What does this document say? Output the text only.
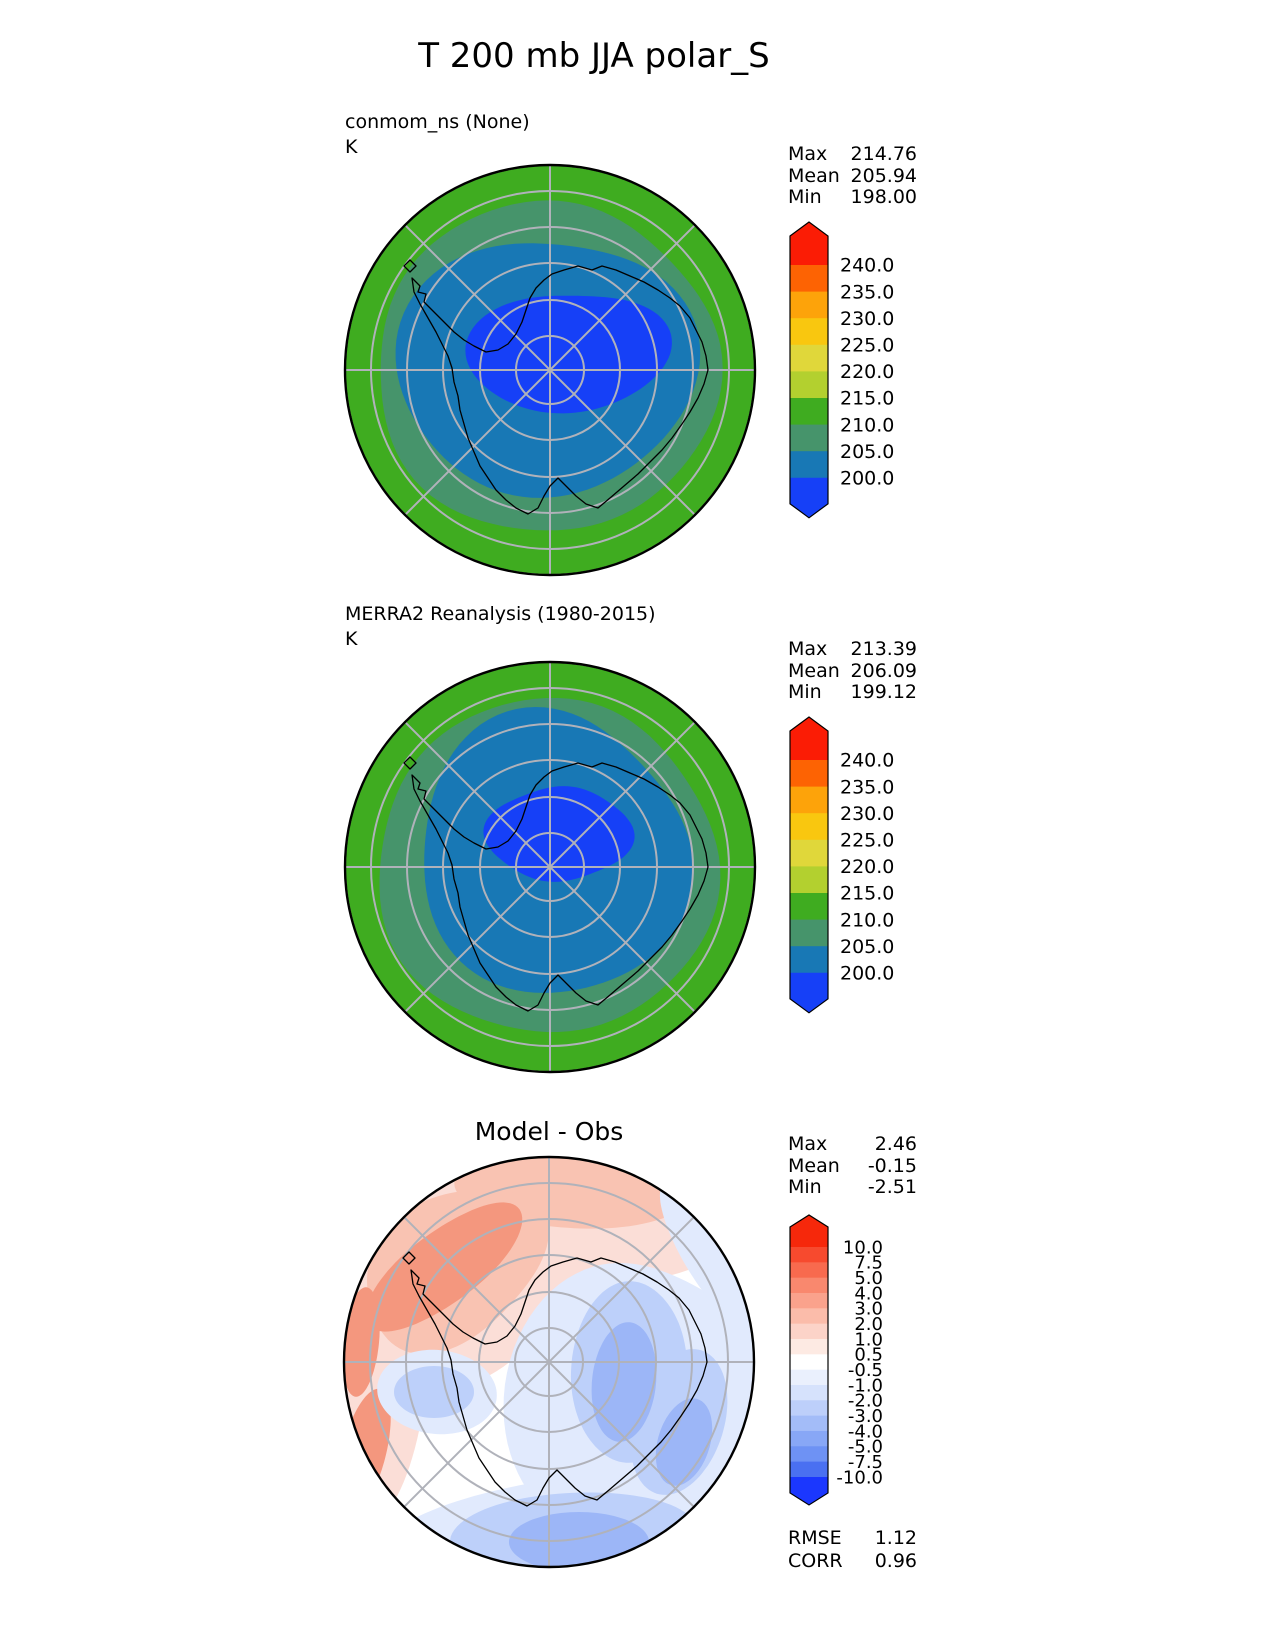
T 200 mb JJA polar_S
conmom_ns (None)
K	Max 214.76
Mean 205.94
Min 198.00
240.0
235.0
230.0
225.0
220.0
215.0
210.0
205.0
200.0
MERRA2 Reanalysis (1980-2015)
K	Max 213.39
Mean 206.09
Min 199.12
240.0
235.0
230.0
225.0
220.0
215.0
210.0
205.0
200.0
Model - Obs	Max 2.46
Mean -0.15
Min -2.51
10.0
7.5
5.0
4.0
3.0
2.0
1.0
0.5
-0.5
-1.0
-2.0
-3.0
-4.0
-5.0
-7.5
-10.0
RMSE 1.12
CORR 0.96
